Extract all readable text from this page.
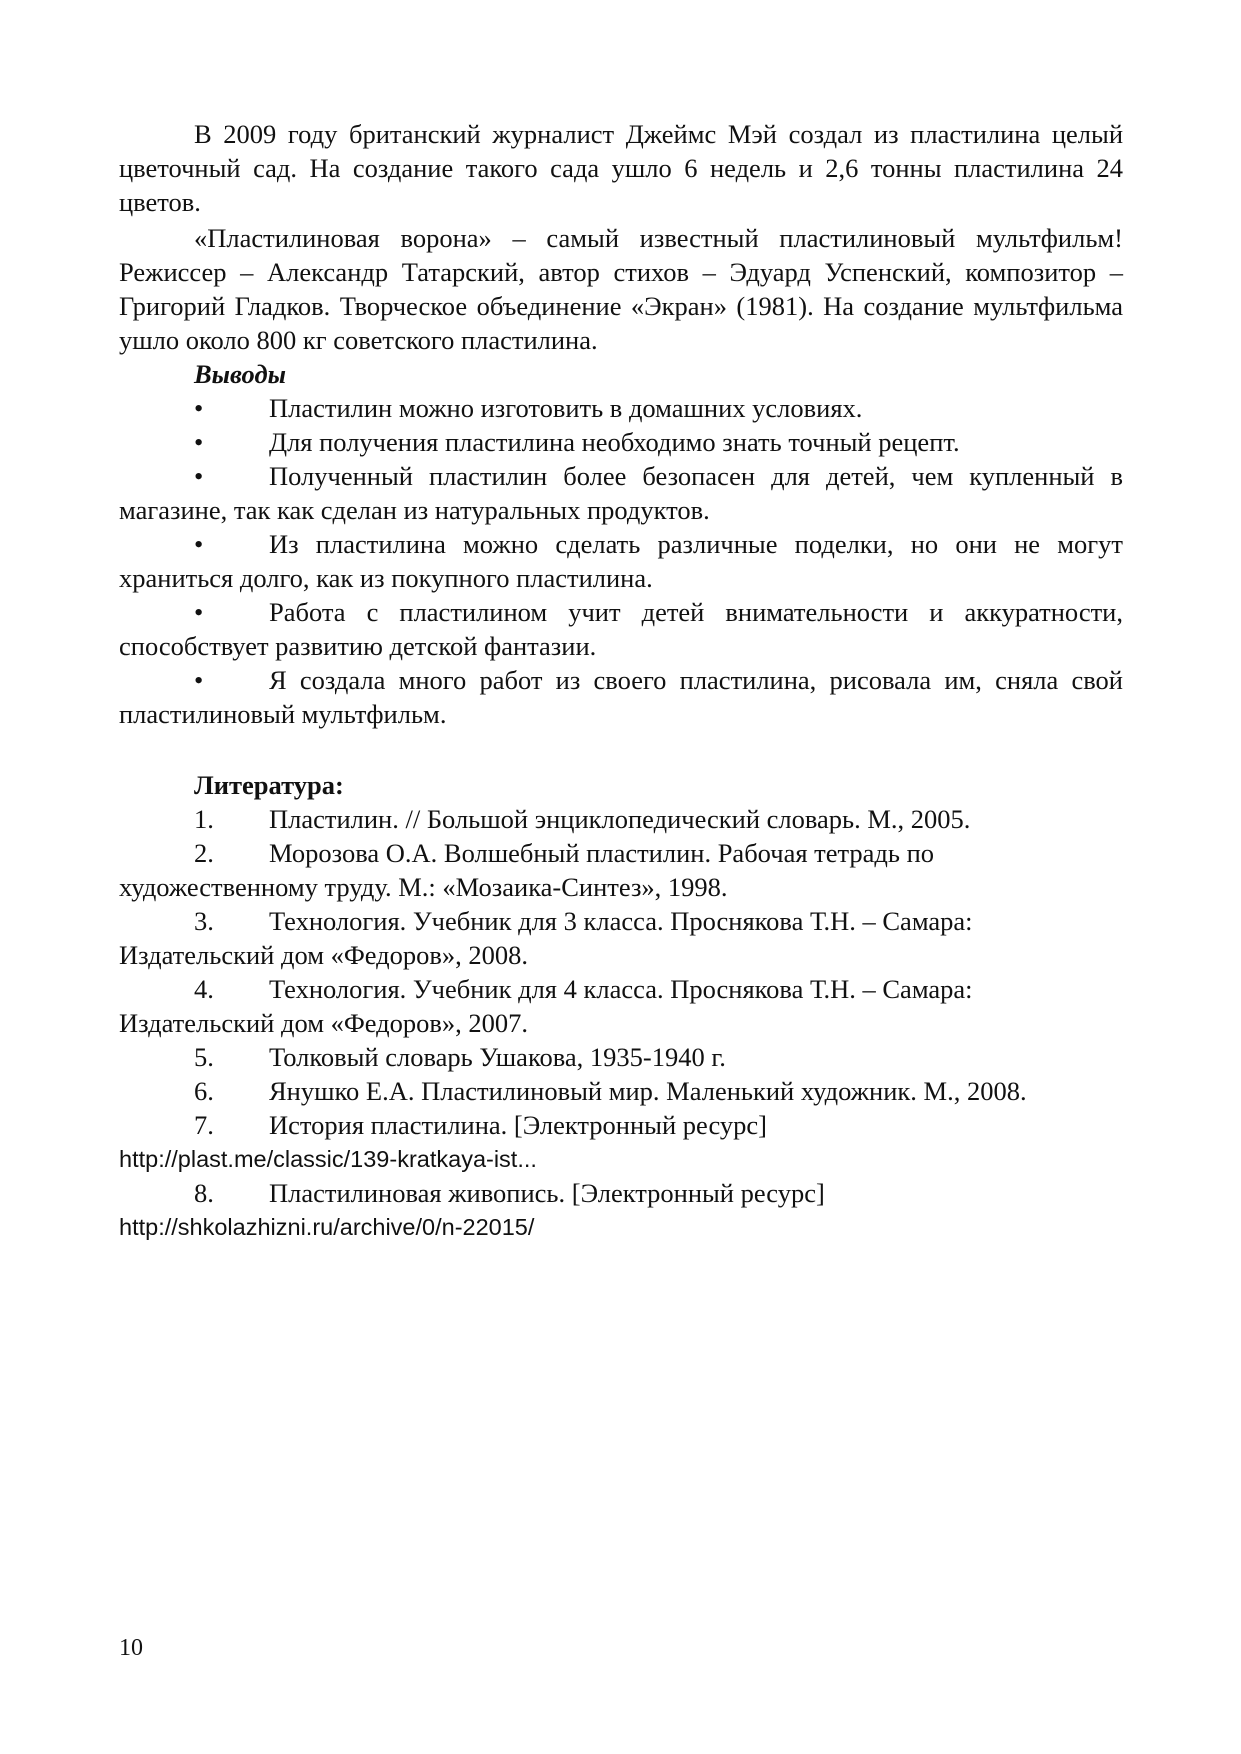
В 2009 году британский журналист Джеймс Мэй создал из пластилина целый цветочный сад. На создание такого сада ушло 6 недель и 2,6 тонны пластилина 24 цветов.

«Пластилиновая ворона» – самый известный пластилиновый мультфильм! Режиссер – Александр Татарский, автор стихов – Эдуард Успенский, композитор – Григорий Гладков. Творческое объединение «Экран» (1981). На создание мультфильма ушло около 800 кг советского пластилина.

Выводы

• Пластилин можно изготовить в домашних условиях.

• Для получения пластилина необходимо знать точный рецепт.

• Полученный пластилин более безопасен для детей, чем купленный в магазине, так как сделан из натуральных продуктов.

• Из пластилина можно сделать различные поделки, но они не могут храниться долго, как из покупного пластилина.

• Работа с пластилином учит детей внимательности и аккуратности, способствует развитию детской фантазии.

• Я создала много работ из своего пластилина, рисовала им, сняла свой пластилиновый мультфильм.

Литература:

1. Пластилин. // Большой энциклопедический словарь. М., 2005.

2. Морозова О.А. Волшебный пластилин. Рабочая тетрадь по художественному труду. М.: «Мозаика-Синтез», 1998.

3. Технология. Учебник для 3 класса. Проснякова Т.Н. – Самара: Издательский дом «Федоров», 2008.

4. Технология. Учебник для 4 класса. Проснякова Т.Н. – Самара: Издательский дом «Федоров», 2007.

5. Толковый словарь Ушакова, 1935-1940 г.

6. Янушко Е.А. Пластилиновый мир. Маленький художник. М., 2008.

7. История пластилина. [Электронный ресурс]

http://plast.me/classic/139-kratkaya-ist...

8. Пластилиновая живопись. [Электронный ресурс]

http://shkolazhizni.ru/archive/0/n-22015/

10
